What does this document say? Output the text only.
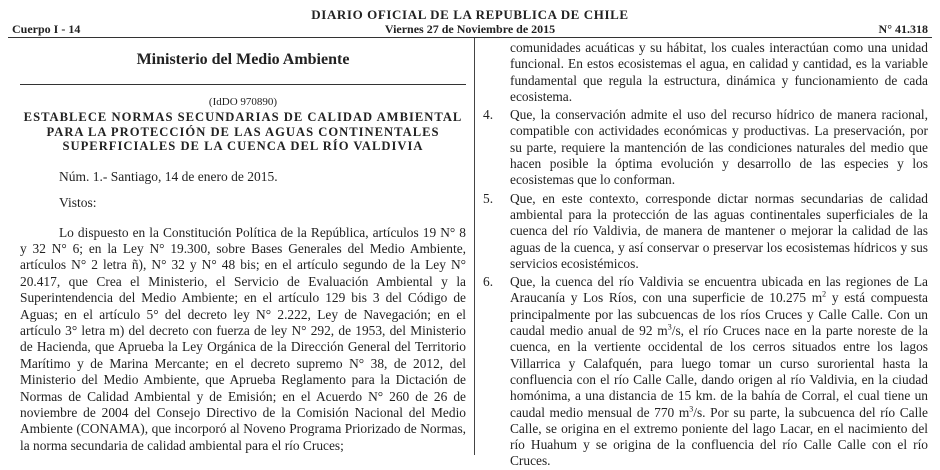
DIARIO OFICIAL DE LA REPUBLICA DE CHILE
Cuerpo I - 14	Viernes 27 de Noviembre de 2015	N° 41.318
Ministerio del Medio Ambiente
(IdDO 970890)
ESTABLECE NORMAS SECUNDARIAS DE CALIDAD AMBIENTAL
PARA LA PROTECCIÓN DE LAS AGUAS CONTINENTALES
SUPERFICIALES DE LA CUENCA DEL RÍO VALDIVIA
Núm. 1.- Santiago, 14 de enero de 2015.
Vistos:
Lo dispuesto en la Constitución Política de la República, artículos 19 N° 8 y 32 N° 6; en la Ley N° 19.300, sobre Bases Generales del Medio Ambiente, artículos N° 2 letra ñ), N° 32 y N° 48 bis; en el artículo segundo de la Ley N° 20.417, que Crea el Ministerio, el Servicio de Evaluación Ambiental y la Superintendencia del Medio Ambiente; en el artículo 129 bis 3 del Código de Aguas; en el artículo 5° del decreto ley N° 2.222, Ley de Navegación; en el artículo 3° letra m) del decreto con fuerza de ley N° 292, de 1953, del Ministerio de Hacienda, que Aprueba la Ley Orgánica de la Dirección General del Territorio Marítimo y de Marina Mercante; en el decreto supremo N° 38, de 2012, del Ministerio del Medio Ambiente, que Aprueba Reglamento para la Dictación de Normas de Calidad Ambiental y de Emisión; en el Acuerdo N° 260 de 26 de noviembre de 2004 del Consejo Directivo de la Comisión Nacional del Medio Ambiente (CONAMA), que incorporó al Noveno Programa Priorizado de Normas, la norma secundaria de calidad ambiental para el río Cruces;
comunidades acuáticas y su hábitat, los cuales interactúan como una unidad funcional. En estos ecosistemas el agua, en calidad y cantidad, es la variable fundamental que regula la estructura, dinámica y funcionamiento de cada ecosistema.
4. Que, la conservación admite el uso del recurso hídrico de manera racional, compatible con actividades económicas y productivas. La preservación, por su parte, requiere la mantención de las condiciones naturales del medio que hacen posible la óptima evolución y desarrollo de las especies y los ecosistemas que lo conforman.
5. Que, en este contexto, corresponde dictar normas secundarias de calidad ambiental para la protección de las aguas continentales superficiales de la cuenca del río Valdivia, de manera de mantener o mejorar la calidad de las aguas de la cuenca, y así conservar o preservar los ecosistemas hídricos y sus servicios ecosistémicos.
6. Que, la cuenca del río Valdivia se encuentra ubicada en las regiones de La Araucanía y Los Ríos, con una superficie de 10.275 $m^2$ y está compuesta principalmente por las subcuencas de los ríos Cruces y Calle Calle. Con un caudal medio anual de 92 $m^3/s$, el río Cruces nace en la parte noreste de la cuenca, en la vertiente occidental de los cerros situados entre los lagos Villarrica y Calafquén, para luego tomar un curso suroriental hasta la confluencia con el río Calle Calle, dando origen al río Valdivia, en la ciudad homónima, a una distancia de 15 km. de la bahía de Corral, el cual tiene un caudal medio mensual de 770 $m^3/s$. Por su parte, la subcuenca del río Calle Calle, se origina en el extremo poniente del lago Lacar, en el nacimiento del río Huahum y se origina de la confluencia del río Calle Calle con el río Cruces.
